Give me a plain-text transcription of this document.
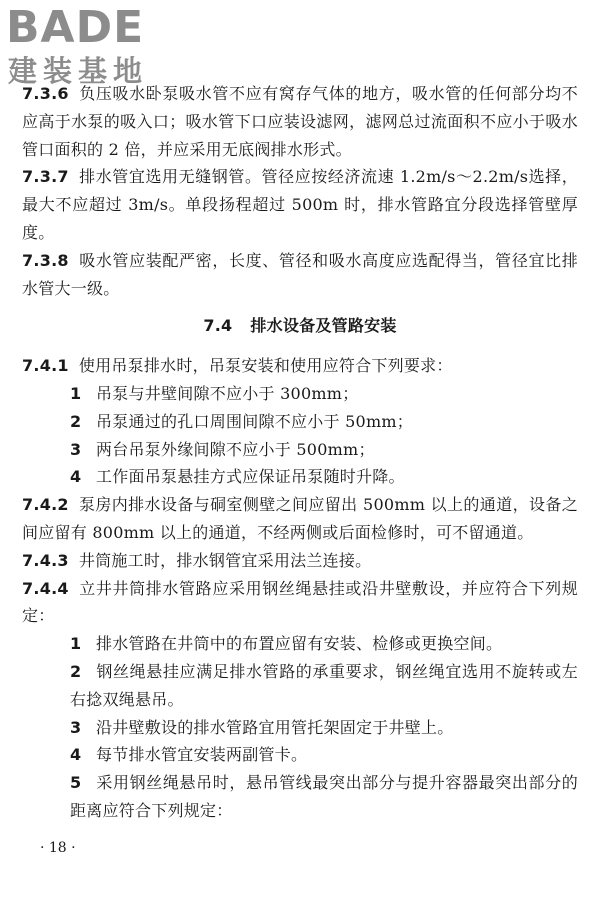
BADE
建装基地

7.3.6 负压吸水卧泵吸水管不应有窝存气体的地方，吸水管的任何部分均不应高于水泵的吸入口；吸水管下口应装设滤网，滤网总过流面积不应小于吸水管口面积的 2 倍，并应采用无底阀排水形式。

7.3.7 排水管宜选用无缝钢管。管径应按经济流速 1.2m/s～2.2m/s选择，最大不应超过 3m/s。单段扬程超过 500m 时，排水管路宜分段选择管壁厚度。

7.3.8 吸水管应装配严密，长度、管径和吸水高度应选配得当，管径宜比排水管大一级。

7.4 排水设备及管路安装

7.4.1 使用吊泵排水时，吊泵安装和使用应符合下列要求：

1 吊泵与井壁间隙不应小于 300mm；

2 吊泵通过的孔口周围间隙不应小于 50mm；

3 两台吊泵外缘间隙不应小于 500mm；

4 工作面吊泵悬挂方式应保证吊泵随时升降。

7.4.2 泵房内排水设备与硐室侧壁之间应留出 500mm 以上的通道，设备之间应留有 800mm 以上的通道，不经两侧或后面检修时，可不留通道。

7.4.3 井筒施工时，排水钢管宜采用法兰连接。

7.4.4 立井井筒排水管路应采用钢丝绳悬挂或沿井壁敷设，并应符合下列规定：

1 排水管路在井筒中的布置应留有安装、检修或更换空间。

2 钢丝绳悬挂应满足排水管路的承重要求，钢丝绳宜选用不旋转或左右捻双绳悬吊。

3 沿井壁敷设的排水管路宜用管托架固定于井壁上。

4 每节排水管宜安装两副管卡。

5 采用钢丝绳悬吊时，悬吊管线最突出部分与提升容器最突出部分的距离应符合下列规定：

· 18 ·
